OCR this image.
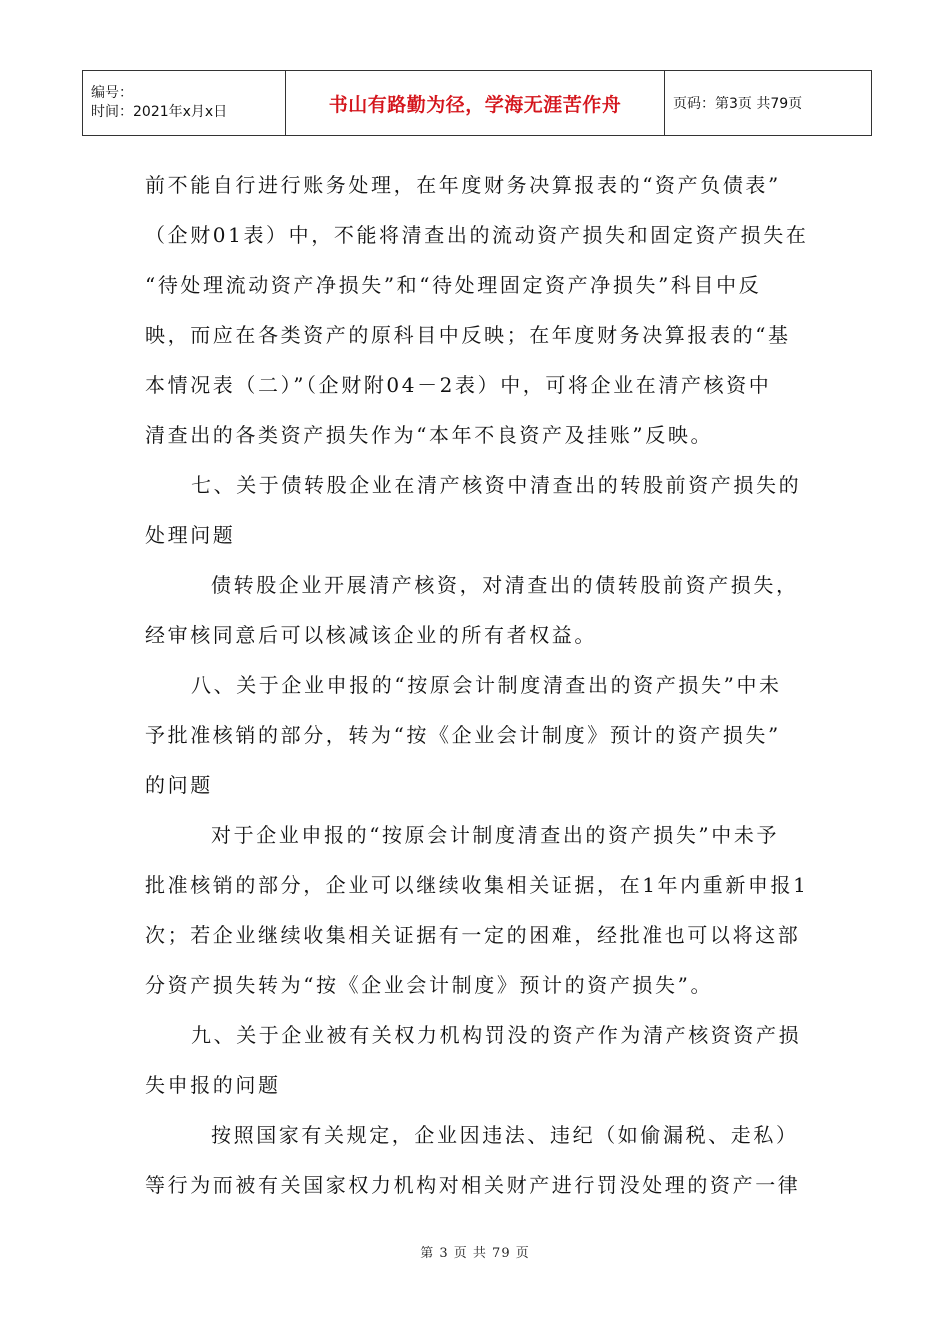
编号：
时间：2021年x月x日	书山有路勤为径，学海无涯苦作舟	页码：第3页 共79页
前不能自行进行账务处理，在年度财务决算报表的“资产负债表”
（企财01表）中，不能将清查出的流动资产损失和固定资产损失在
“待处理流动资产净损失”和“待处理固定资产净损失”科目中反
映，而应在各类资产的原科目中反映；在年度财务决算报表的“基
本情况表（二）”（企财附04－2表）中，可将企业在清产核资中
清查出的各类资产损失作为“本年不良资产及挂账”反映。
七、关于债转股企业在清产核资中清查出的转股前资产损失的
处理问题
债转股企业开展清产核资，对清查出的债转股前资产损失，
经审核同意后可以核减该企业的所有者权益。
八、关于企业申报的“按原会计制度清查出的资产损失”中未
予批准核销的部分，转为“按《企业会计制度》预计的资产损失”
的问题
对于企业申报的“按原会计制度清查出的资产损失”中未予
批准核销的部分，企业可以继续收集相关证据，在1年内重新申报1
次；若企业继续收集相关证据有一定的困难，经批准也可以将这部
分资产损失转为“按《企业会计制度》预计的资产损失”。
九、关于企业被有关权力机构罚没的资产作为清产核资资产损
失申报的问题
按照国家有关规定，企业因违法、违纪（如偷漏税、走私）
等行为而被有关国家权力机构对相关财产进行罚没处理的资产一律
第 3 页 共 79 页
